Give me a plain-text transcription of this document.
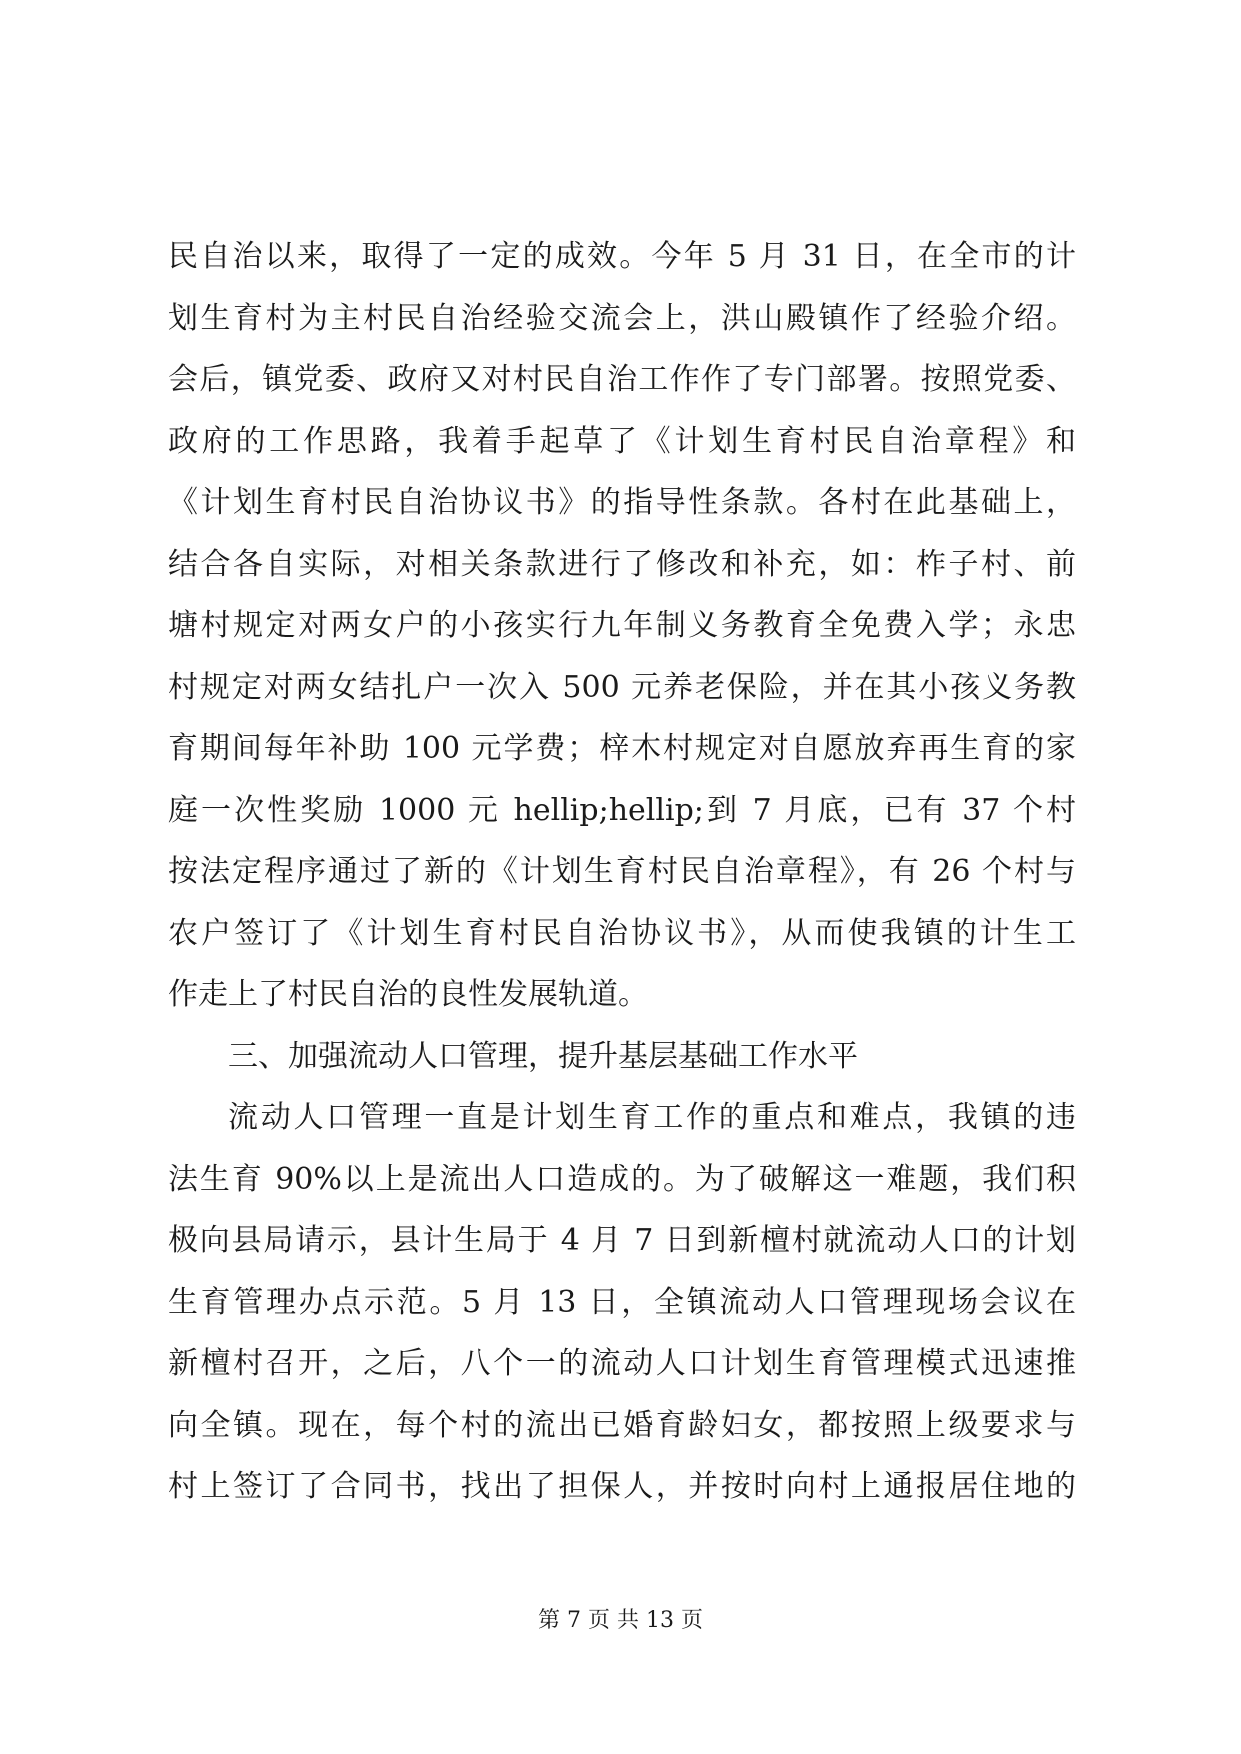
民自治以来，取得了一定的成效。今年 5 月 31 日，在全市的计
划生育村为主村民自治经验交流会上，洪山殿镇作了经验介绍。
会后，镇党委、政府又对村民自治工作作了专门部署。按照党委、
政府的工作思路，我着手起草了《计划生育村民自治章程》和
《计划生育村民自治协议书》的指导性条款。各村在此基础上，
结合各自实际，对相关条款进行了修改和补充，如：柞子村、前
塘村规定对两女户的小孩实行九年制义务教育全免费入学；永忠
村规定对两女结扎户一次入 500 元养老保险，并在其小孩义务教
育期间每年补助 100 元学费；梓木村规定对自愿放弃再生育的家
庭一次性奖励 1000 元 hellip;hellip;到 7 月底，已有 37 个村
按法定程序通过了新的《计划生育村民自治章程》，有 26 个村与
农户签订了《计划生育村民自治协议书》，从而使我镇的计生工
作走上了村民自治的良性发展轨道。
三、加强流动人口管理，提升基层基础工作水平
流动人口管理一直是计划生育工作的重点和难点，我镇的违
法生育 90%以上是流出人口造成的。为了破解这一难题，我们积
极向县局请示，县计生局于 4 月 7 日到新檀村就流动人口的计划
生育管理办点示范。5 月 13 日，全镇流动人口管理现场会议在
新檀村召开，之后，八个一的流动人口计划生育管理模式迅速推
向全镇。现在，每个村的流出已婚育龄妇女，都按照上级要求与
村上签订了合同书，找出了担保人，并按时向村上通报居住地的
第 7 页 共 13 页
